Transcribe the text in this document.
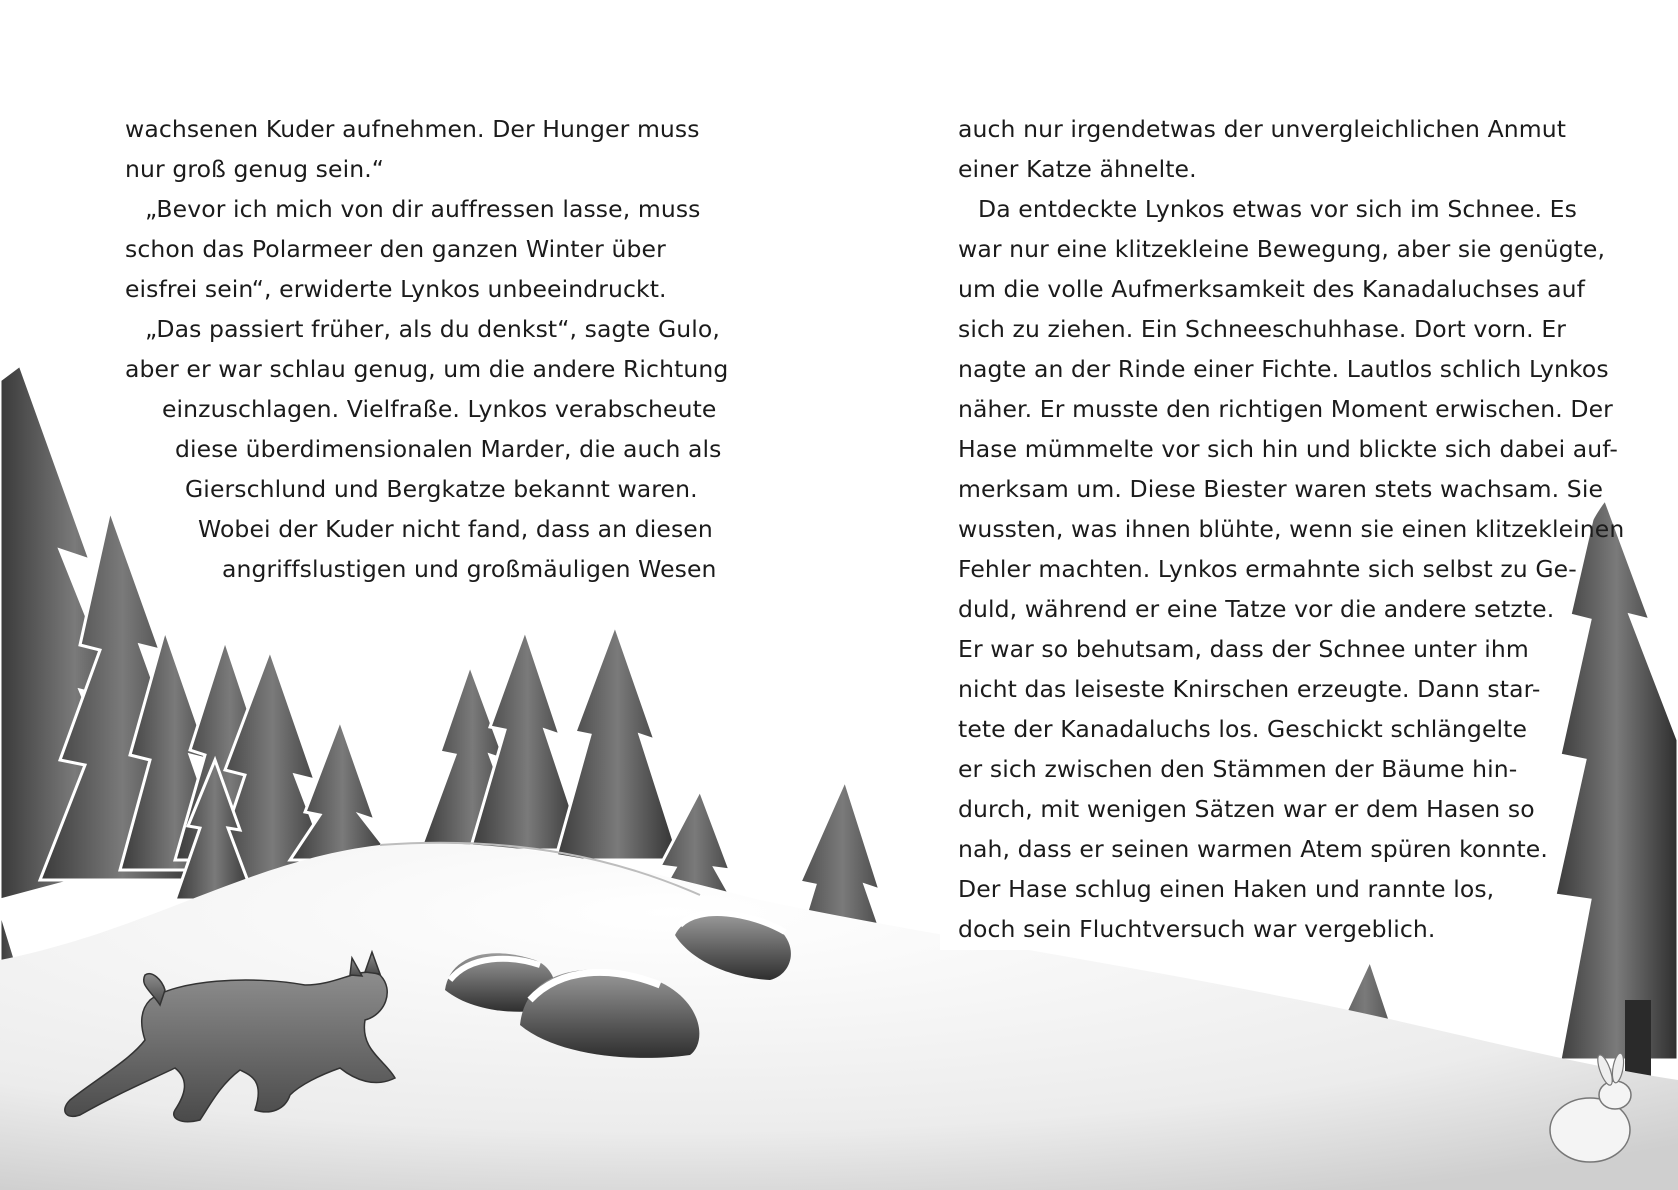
wachsenen Kuder aufnehmen. Der Hunger muss
nur groß genug sein.“
„Bevor ich mich von dir auffressen lasse, muss
schon das Polarmeer den ganzen Winter über
eisfrei sein“, erwiderte Lynkos unbeeindruckt.
„Das passiert früher, als du denkst“, sagte Gulo,
aber er war schlau genug, um die andere Richtung
einzuschlagen. Vielfraße. Lynkos verabscheute
diese überdimensionalen Marder, die auch als
Gierschlund und Bergkatze bekannt waren.
Wobei der Kuder nicht fand, dass an diesen
angriffslustigen und großmäuligen Wesen
auch nur irgendetwas der unvergleichlichen Anmut
einer Katze ähnelte.
Da entdeckte Lynkos etwas vor sich im Schnee. Es
war nur eine klitzekleine Bewegung, aber sie genügte,
um die volle Aufmerksamkeit des Kanadaluchses auf
sich zu ziehen. Ein Schneeschuhhase. Dort vorn. Er
nagte an der Rinde einer Fichte. Lautlos schlich Lynkos
näher. Er musste den richtigen Moment erwischen. Der
Hase mümmelte vor sich hin und blickte sich dabei auf-
merksam um. Diese Biester waren stets wachsam. Sie
wussten, was ihnen blühte, wenn sie einen klitzekleinen
Fehler machten. Lynkos ermahnte sich selbst zu Ge-
duld, während er eine Tatze vor die andere setzte.
Er war so behutsam, dass der Schnee unter ihm
nicht das leiseste Knirschen erzeugte. Dann star-
tete der Kanadaluchs los. Geschickt schlängelte
er sich zwischen den Stämmen der Bäume hin-
durch, mit wenigen Sätzen war er dem Hasen so
nah, dass er seinen warmen Atem spüren konnte.
Der Hase schlug einen Haken und rannte los,
doch sein Fluchtversuch war vergeblich.
